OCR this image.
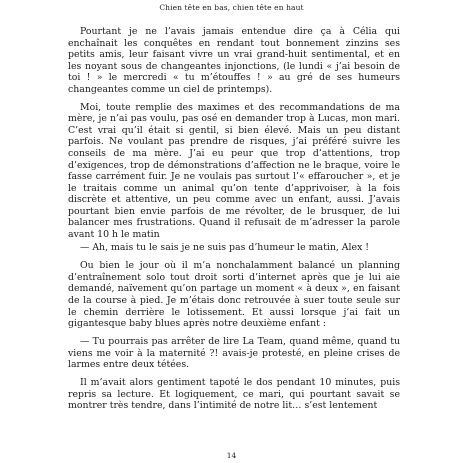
Chien tête en bas, chien tête en haut

Pourtant je ne l’avais jamais entendue dire ça à Célia qui enchaînait les conquêtes en rendant tout bonnement zinzins ses petits amis, leur faisant vivre un vrai grand-huit sentimental, et en les noyant sous de changeantes injonctions, (le lundi « j’ai besoin de toi ! » le mercredi « tu m’étouffes ! » au gré de ses humeurs changeantes comme un ciel de printemps).

Moi, toute remplie des maximes et des recommandations de ma mère, je n’ai pas voulu, pas osé en demander trop à Lucas, mon mari. C’est vrai qu’il était si gentil, si bien élevé. Mais un peu distant parfois. Ne voulant pas prendre de risques, j’ai préféré suivre les conseils de ma mère. J’ai eu peur que trop d’attentions, trop d’exigences, trop de démonstrations d’affection ne le braque, voire le fasse carrément fuir. Je ne voulais pas surtout l’« effaroucher », et je le traitais comme un animal qu’on tente d’apprivoiser, à la fois discrète et attentive, un peu comme avec un enfant, aussi. J’avais pourtant bien envie parfois de me révolter, de le brusquer, de lui balancer mes frustrations. Quand il refusait de m’adresser la parole avant 10 h le matin

— Ah, mais tu le sais je ne suis pas d’humeur le matin, Alex !

Ou bien le jour où il m’a nonchalamment balancé un planning d’entraînement solo tout droit sorti d’internet après que je lui aie demandé, naïvement qu’on partage un moment « à deux », en faisant de la course à pied. Je m’étais donc retrouvée à suer toute seule sur le chemin derrière le lotissement. Et aussi lorsque j’ai fait un gigantesque baby blues après notre deuxième enfant :

— Tu pourrais pas arrêter de lire La Team, quand même, quand tu viens me voir à la maternité ?! avais-je protesté, en pleine crises de larmes entre deux tétées.

Il m’avait alors gentiment tapoté le dos pendant 10 minutes, puis repris sa lecture. Et logiquement, ce mari, qui pourtant savait se montrer très tendre, dans l’intimité de notre lit… s’est lentement

14
